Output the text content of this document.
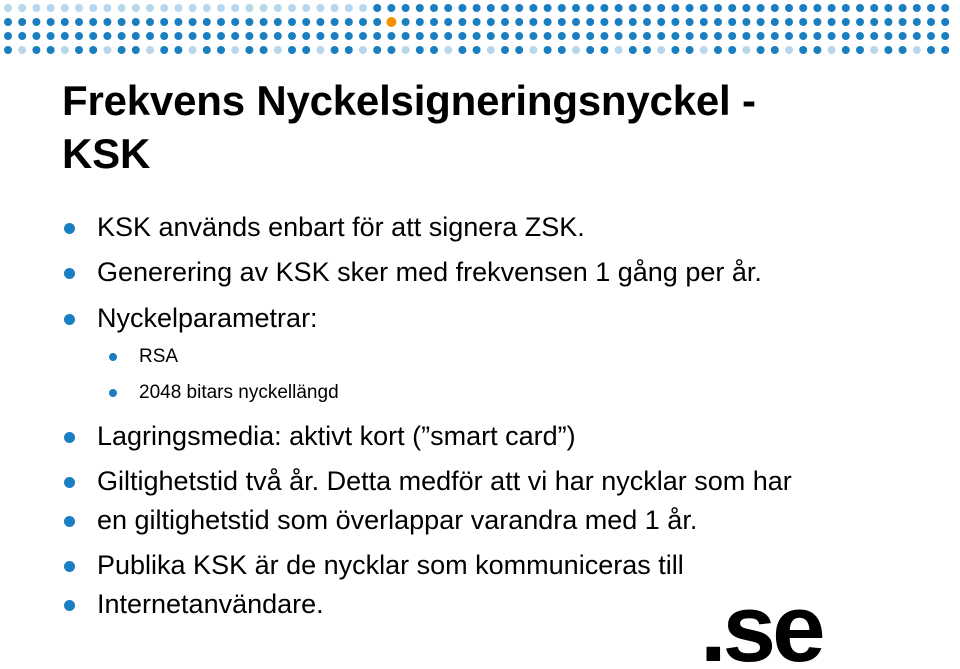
Frekvens Nyckelsigneringsnyckel -
KSK
KSK används enbart för att signera ZSK.
Generering av KSK sker med frekvensen 1 gång per år.
Nyckelparametrar:
RSA
2048 bitars nyckellängd
Lagringsmedia: aktivt kort (”smart card”)
Giltighetstid två år. Detta medför att vi har nycklar som har
en giltighetstid som överlappar varandra med 1 år.
Publika KSK är de nycklar som kommuniceras till
Internetanvändare.	.se
